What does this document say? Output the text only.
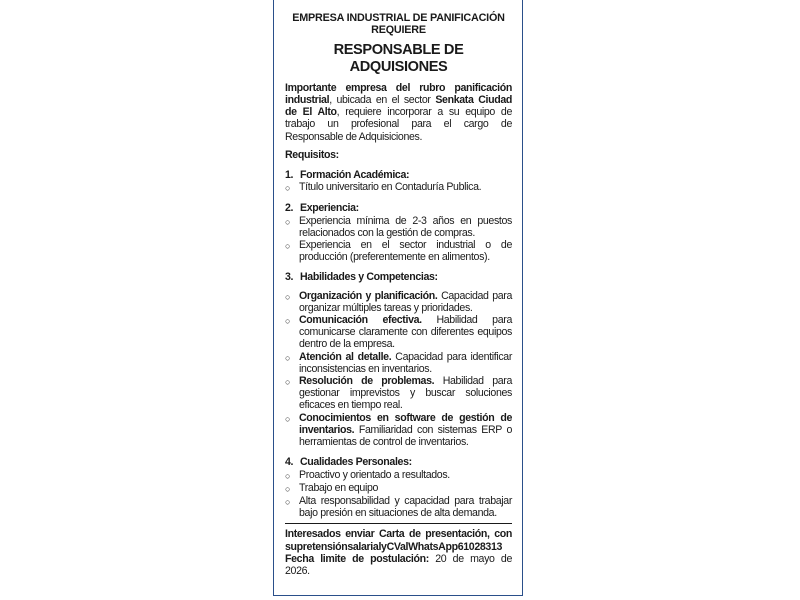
EMPRESA INDUSTRIAL DE PANIFICACIÓN
REQUIERE
RESPONSABLE DE ADQUISIONES
Importante empresa del rubro panificación industrial, ubicada en el sector Senkata Ciudad de El Alto, requiere incorporar a su equipo de trabajo un profesional para el cargo de Responsable de Adquisiciones.
Requisitos:
1. Formación Académica:
○ Título universitario en Contaduría Publica.
2. Experiencia:
○ Experiencia mínima de 2-3 años en puestos relacionados con la gestión de compras.
○ Experiencia en el sector industrial o de producción (preferentemente en alimentos).
3. Habilidades y Competencias:
○ Organización y planificación. Capacidad para organizar múltiples tareas y prioridades.
○ Comunicación efectiva. Habilidad para comunicarse claramente con diferentes equipos dentro de la empresa.
○ Atención al detalle. Capacidad para identificar inconsistencias en inventarios.
○ Resolución de problemas. Habilidad para gestionar imprevistos y buscar soluciones eficaces en tiempo real.
○ Conocimientos en software de gestión de inventarios. Familiaridad con sistemas ERP o herramientas de control de inventarios.
4. Cualidades Personales:
○ Proactivo y orientado a resultados.
○ Trabajo en equipo
○ Alta responsabilidad y capacidad para trabajar bajo presión en situaciones de alta demanda.
Interesados enviar Carta de presentación, con supretensiónsalarialyCValWhatsApp61028313
Fecha limite de postulación: 20 de mayo de 2026.
